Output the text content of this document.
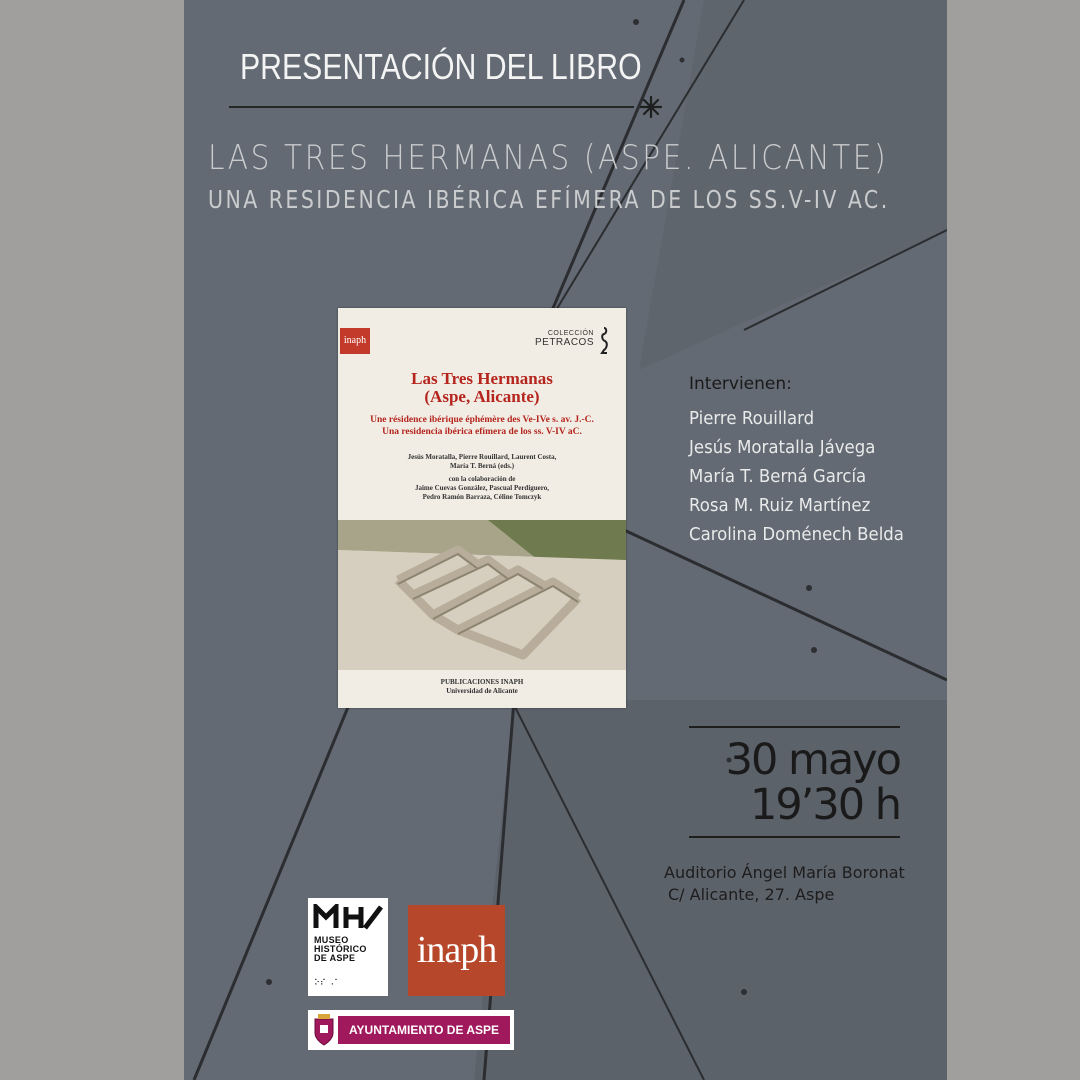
PRESENTACIÓN DEL LIBRO
LAS TRES HERMANAS (ASPE. ALICANTE)
UNA RESIDENCIA IBÉRICA EFÍMERA DE LOS SS.V-IV AC.
inaph
COLECCIÓN
PETRACOS
Las Tres Hermanas
(Aspe, Alicante)
Une résidence ibérique éphémère des Ve-IVe s. av. J.-C.
Una residencia ibérica efímera de los ss. V-IV aC.
Jesús Moratalla, Pierre Rouillard, Laurent Costa,
María T. Berná (eds.)
con la colaboración de
Jaime Cuevas González, Pascual Perdiguero,
Pedro Ramón Barraza, Céline Tomczyk
PUBLICACIONES INAPH
Universidad de Alicante
Intervienen:
Pierre Rouillard
Jesús Moratalla Jávega
María T. Berná García
Rosa M. Ruiz Martínez
Carolina Doménech Belda
30 mayo
19’30 h
Auditorio Ángel María Boronat
C/ Alicante, 27. Aspe
MUSEO
HISTÓRICO
DE ASPE
⠕⠎ ⠠⠁
inaph
AYUNTAMIENTO DE ASPE
